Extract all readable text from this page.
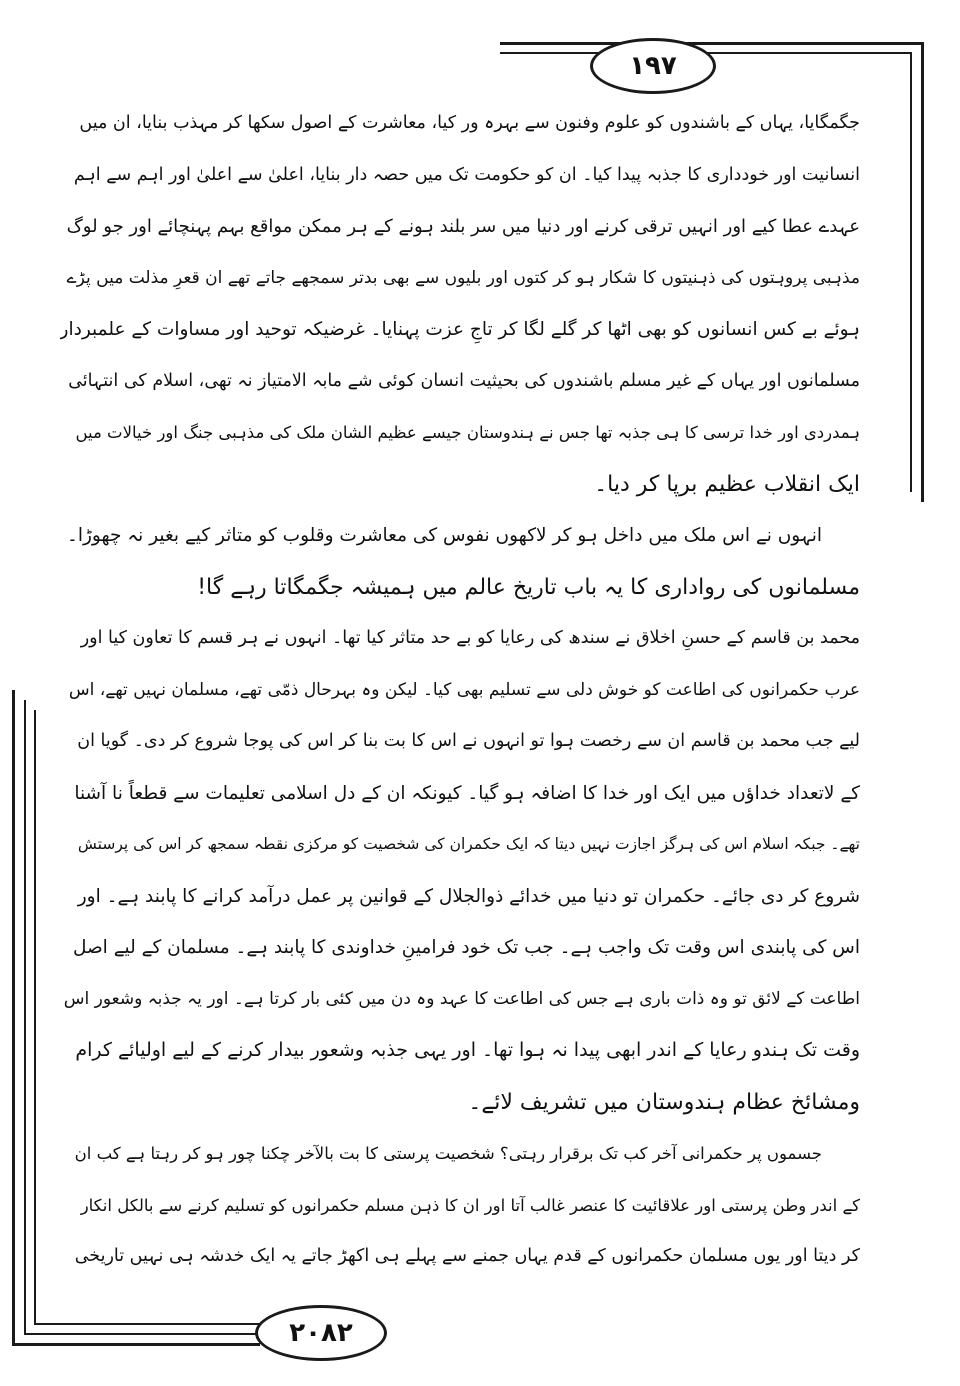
۱۹۷
۲۰۸۲
جگمگایا، یہاں کے باشندوں کو علوم وفنون سے بہرہ ور کیا، معاشرت کے اصول سکھا کر مہذب بنایا، ان میں
انسانیت اور خودداری کا جذبہ پیدا کیا۔ ان کو حکومت تک میں حصہ دار بنایا، اعلیٰ سے اعلیٰ اور اہم سے اہم
عہدے عطا کیے اور انہیں ترقی کرنے اور دنیا میں سر بلند ہونے کے ہر ممکن مواقع بہم پہنچائے اور جو لوگ
مذہبی پروہتوں کی ذہنیتوں کا شکار ہو کر کتوں اور بلیوں سے بھی بدتر سمجھے جاتے تھے ان قعرِ مذلت میں پڑے
ہوئے بے کس انسانوں کو بھی اٹھا کر گلے لگا کر تاجِ عزت پہنایا۔ غرضیکہ توحید اور مساوات کے علمبردار
مسلمانوں اور یہاں کے غیر مسلم باشندوں کی بحیثیت انسان کوئی شے مابہ الامتیاز نہ تھی، اسلام کی انتہائی
ہمدردی اور خدا ترسی کا ہی جذبہ تھا جس نے ہندوستان جیسے عظیم الشان ملک کی مذہبی جنگ اور خیالات میں
ایک انقلاب عظیم برپا کر دیا۔
انہوں نے اس ملک میں داخل ہو کر لاکھوں نفوس کی معاشرت وقلوب کو متاثر کیے بغیر نہ چھوڑا۔
مسلمانوں کی رواداری کا یہ باب تاریخ عالم میں ہمیشہ جگمگاتا رہے گا!
محمد بن قاسم کے حسنِ اخلاق نے سندھ کی رعایا کو بے حد متاثر کیا تھا۔ انہوں نے ہر قسم کا تعاون کیا اور
عرب حکمرانوں کی اطاعت کو خوش دلی سے تسلیم بھی کیا۔ لیکن وہ بہرحال ذمّی تھے، مسلمان نہیں تھے، اس
لیے جب محمد بن قاسم ان سے رخصت ہوا تو انہوں نے اس کا بت بنا کر اس کی پوجا شروع کر دی۔ گویا ان
کے لاتعداد خداؤں میں ایک اور خدا کا اضافہ ہو گیا۔ کیونکہ ان کے دل اسلامی تعلیمات سے قطعاً نا آشنا
تھے۔ جبکہ اسلام اس کی ہرگز اجازت نہیں دیتا کہ ایک حکمران کی شخصیت کو مرکزی نقطہ سمجھ کر اس کی پرستش
شروع کر دی جائے۔ حکمران تو دنیا میں خدائے ذوالجلال کے قوانین پر عمل درآمد کرانے کا پابند ہے۔ اور
اس کی پابندی اس وقت تک واجب ہے۔ جب تک خود فرامینِ خداوندی کا پابند ہے۔ مسلمان کے لیے اصل
اطاعت کے لائق تو وہ ذات باری ہے جس کی اطاعت کا عہد وہ دن میں کئی بار کرتا ہے۔ اور یہ جذبہ وشعور اس
وقت تک ہندو رعایا کے اندر ابھی پیدا نہ ہوا تھا۔ اور یہی جذبہ وشعور بیدار کرنے کے لیے اولیائے کرام
ومشائخ عظام ہندوستان میں تشریف لائے۔
جسموں پر حکمرانی آخر کب تک برقرار رہتی؟ شخصیت پرستی کا بت بالآخر چکنا چور ہو کر رہتا ہے کب ان
کے اندر وطن پرستی اور علاقائیت کا عنصر غالب آتا اور ان کا ذہن مسلم حکمرانوں کو تسلیم کرنے سے بالکل انکار
کر دیتا اور یوں مسلمان حکمرانوں کے قدم یہاں جمنے سے پہلے ہی اکھڑ جاتے یہ ایک خدشہ ہی نہیں تاریخی
